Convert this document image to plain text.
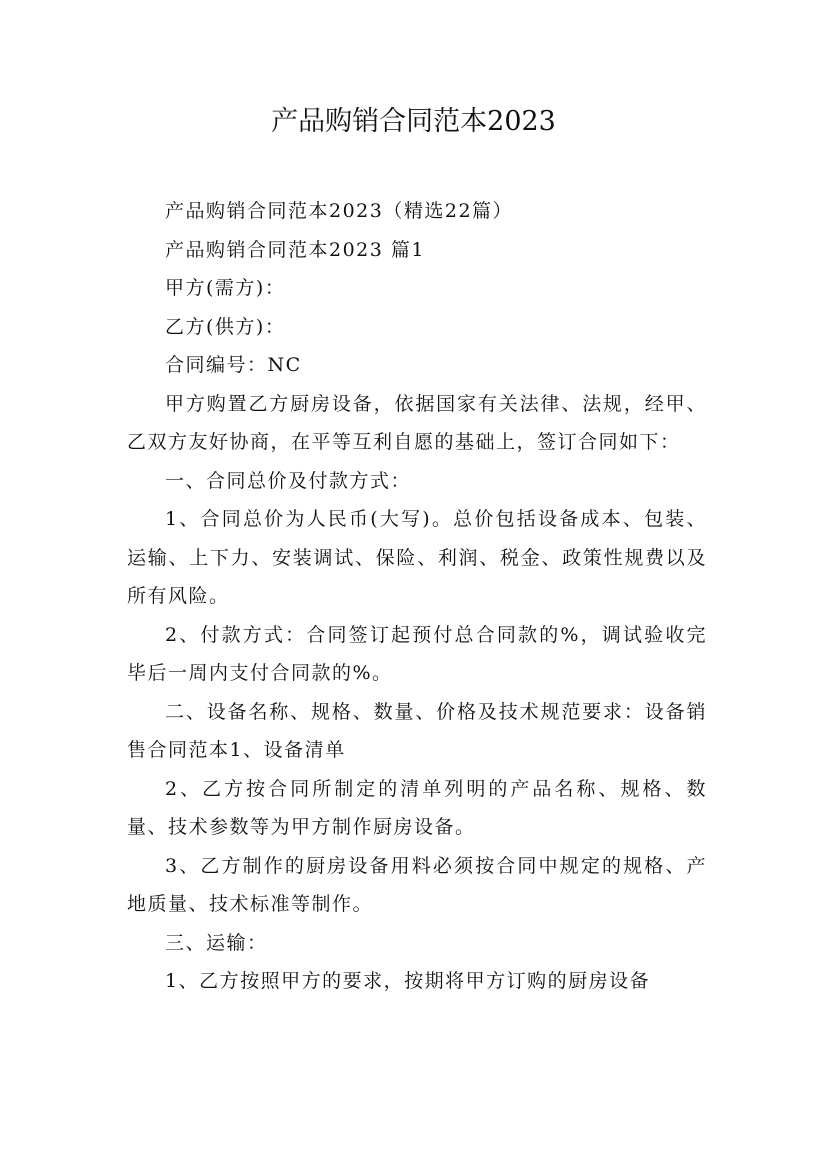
产品购销合同范本2023

产品购销合同范本2023（精选22篇）

产品购销合同范本2023 篇1

甲方(需方)：

乙方(供方)：

合同编号：NC

甲方购置乙方厨房设备，依据国家有关法律、法规，经甲、乙双方友好协商，在平等互利自愿的基础上，签订合同如下：

一、合同总价及付款方式：

1、合同总价为人民币(大写)。总价包括设备成本、包装、运输、上下力、安装调试、保险、利润、税金、政策性规费以及所有风险。

2、付款方式：合同签订起预付总合同款的%，调试验收完毕后一周内支付合同款的%。

二、设备名称、规格、数量、价格及技术规范要求：设备销售合同范本1、设备清单

2、乙方按合同所制定的清单列明的产品名称、规格、数量、技术参数等为甲方制作厨房设备。

3、乙方制作的厨房设备用料必须按合同中规定的规格、产地质量、技术标准等制作。

三、运输：

1、乙方按照甲方的要求，按期将甲方订购的厨房设备
